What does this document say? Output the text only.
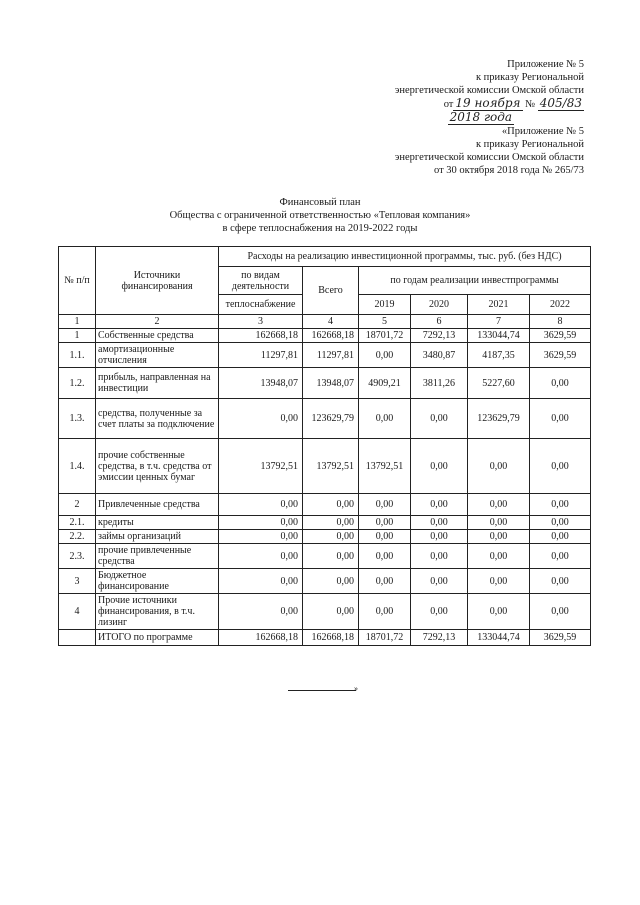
Приложение № 5
к приказу Региональной
энергетической комиссии Омской области
от 19 ноября № 405/83
2018 года
«Приложение № 5
к приказу Региональной
энергетической комиссии Омской области
от 30 октября 2018 года № 265/73
Финансовый план
Общества с ограниченной ответственностью «Тепловая компания»
в сфере теплоснабжения на 2019-2022 годы
№ п/п	Источники финансирования	Расходы на реализацию инвестиционной программы, тыс. руб. (без НДС)					
		по видам деятельности	Всего	по годам реализации инвестпрограммы			
		теплоснабжение		2019	2020	2021	2022
1	2	3	4	5	6	7	8
1	Собственные средства	162668,18	162668,18	18701,72	7292,13	133044,74	3629,59
1.1.	амортизационные отчисления	11297,81	11297,81	0,00	3480,87	4187,35	3629,59
1.2.	прибыль, направленная на инвестиции	13948,07	13948,07	4909,21	3811,26	5227,60	0,00
1.3.	средства, полученные за счет платы за подключение	0,00	123629,79	0,00	0,00	123629,79	0,00
1.4.	прочие собственные средства, в т.ч. средства от эмиссии ценных бумаг	13792,51	13792,51	13792,51	0,00	0,00	0,00
2	Привлеченные средства	0,00	0,00	0,00	0,00	0,00	0,00
2.1.	кредиты	0,00	0,00	0,00	0,00	0,00	0,00
2.2.	займы организаций	0,00	0,00	0,00	0,00	0,00	0,00
2.3.	прочие привлеченные средства	0,00	0,00	0,00	0,00	0,00	0,00
3	Бюджетное финансирование	0,00	0,00	0,00	0,00	0,00	0,00
4	Прочие источники финансирования, в т.ч. лизинг	0,00	0,00	0,00	0,00	0,00	0,00
	ИТОГО по программе	162668,18	162668,18	18701,72	7292,13	133044,74	3629,59
»
